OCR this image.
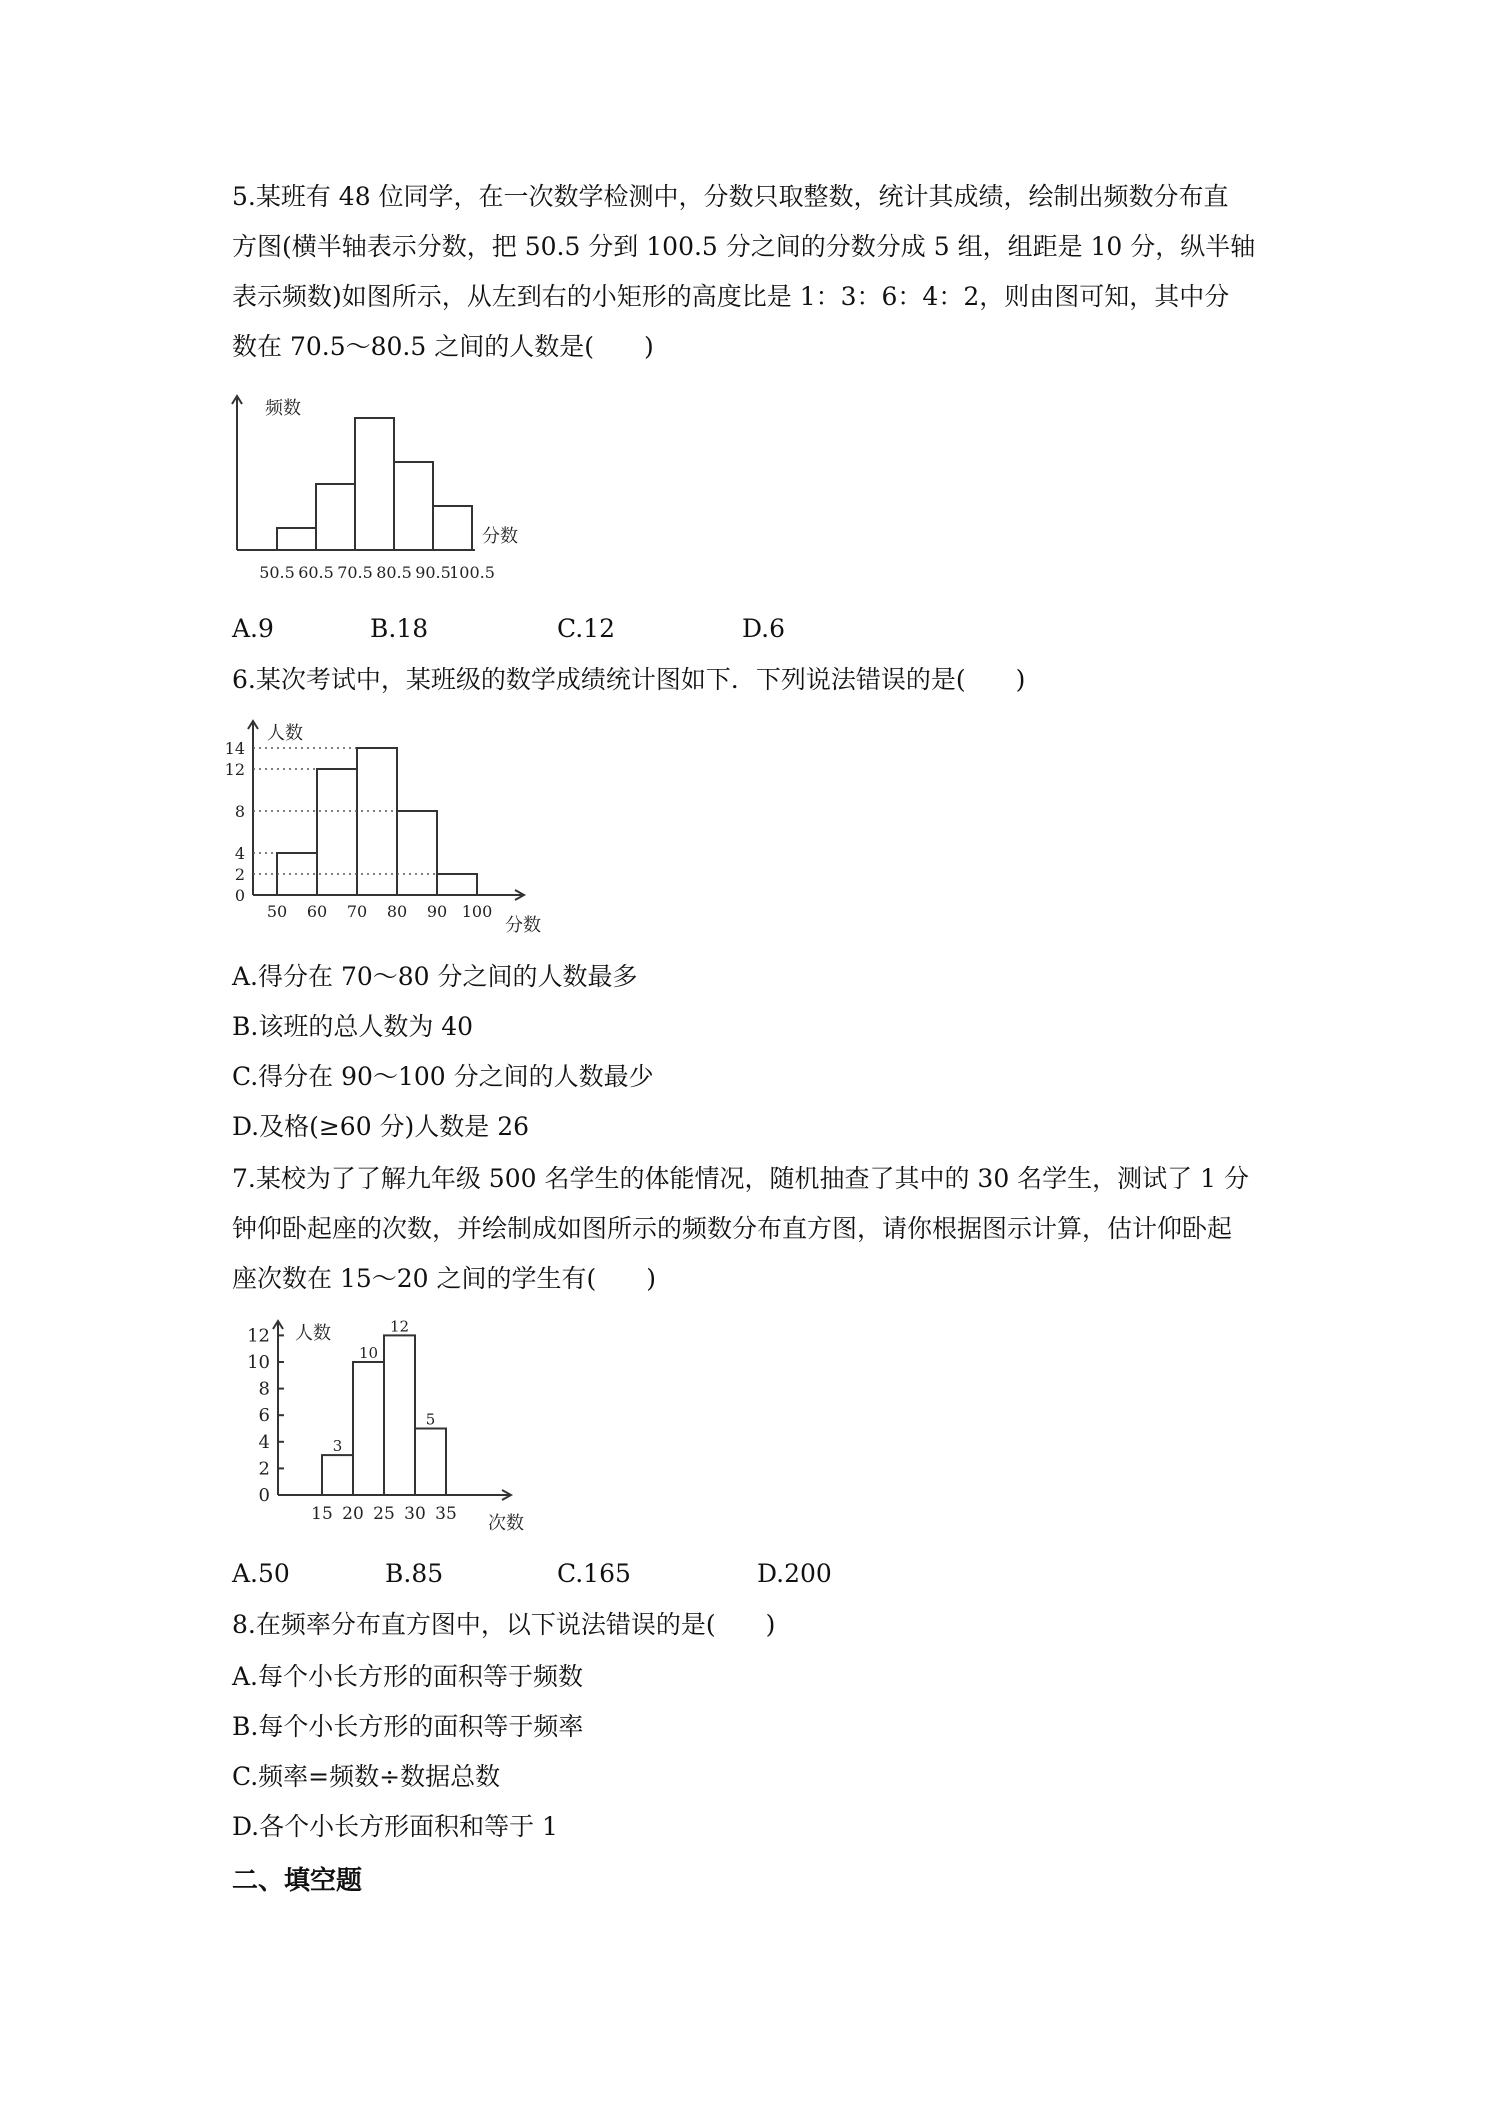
5.某班有 48 位同学，在一次数学检测中，分数只取整数，统计其成绩，绘制出频数分布直
方图(横半轴表示分数，把 50.5 分到 100.5 分之间的分数分成 5 组，组距是 10 分，纵半轴
表示频数)如图所示，从左到右的小矩形的高度比是 1：3：6：4：2，则由图可知，其中分
数在 70.5～80.5 之间的人数是(　　)
频数
分数
50.5 60.5 70.5 80.5 90.5
100.5
A.9	B.18	C.12	D.6
6.某次考试中，某班级的数学成绩统计图如下．下列说法错误的是(　　)
人数
分数
0
2
4
8
12
14
50 60 70 80 90 100
A.得分在 70～80 分之间的人数最多
B.该班的总人数为 40
C.得分在 90～100 分之间的人数最少
D.及格(≥60 分)人数是 26
7.某校为了了解九年级 500 名学生的体能情况，随机抽查了其中的 30 名学生，测试了 1 分
钟仰卧起座的次数，并绘制成如图所示的频数分布直方图，请你根据图示计算，估计仰卧起
座次数在 15～20 之间的学生有(　　)
人数
次数
0
2
4
6
8
10
12
3
10
12
5
15 20 25 30 35
A.50	B.85	C.165	D.200
8.在频率分布直方图中，以下说法错误的是(　　)
A.每个小长方形的面积等于频数
B.每个小长方形的面积等于频率
C.频率=频数÷数据总数
D.各个小长方形面积和等于 1
二、填空题
